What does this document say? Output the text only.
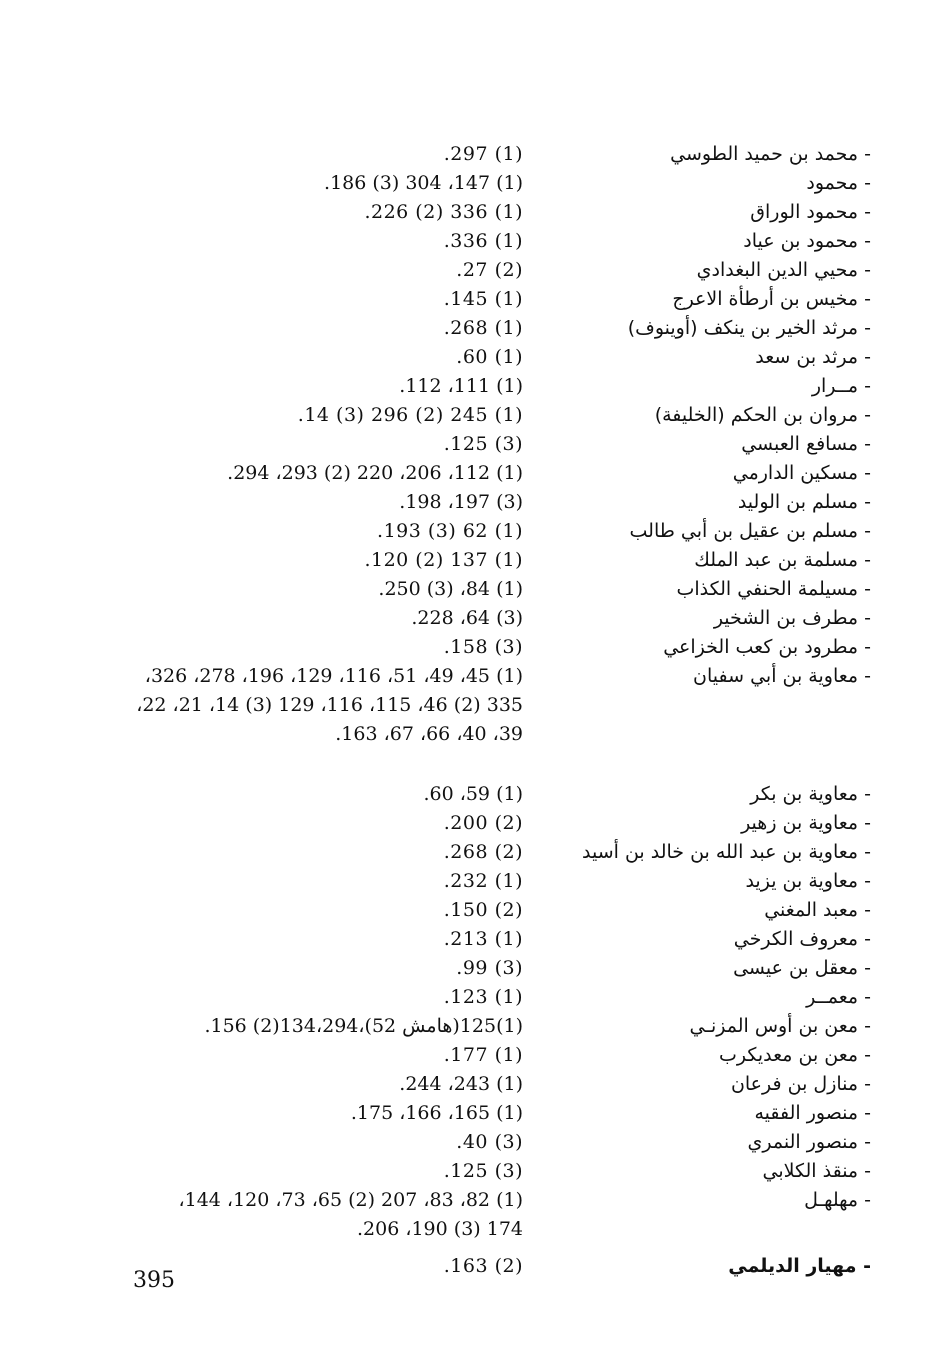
- محمد بن حميد الطوسي
(1) 297.
- محمود
(1) 147، 304 (3) 186.
- محمود الوراق
(1) 336 (2) 226.
- محمود بن عياد
(1) 336.
- محيي الدين البغدادي
(2) 27.
- مخيس بن أرطأة الاعرج
(1) 145.
- مرثد الخير بن ينكف (أوينوف)
(1) 268.
- مرثد بن سعد
(1) 60.
- مــرار
(1) 111، 112.
- مروان بن الحكم (الخليفة)
(1) 245 (2) 296 (3) 14.
- مسافع العبسي
(3) 125.
- مسكين الدارمي
(1) 112، 206، 220 (2) 293، 294.
- مسلم بن الوليد
(3) 197، 198.
- مسلم بن عقيل بن أبي طالب
(1) 62 (3) 193.
- مسلمة بن عبد الملك
(1) 137 (2) 120.
- مسيلمة الحنفي الكذاب
(1) 84، (3) 250.
- مطرف بن الشخير
(3) 64، 228.
- مطرود بن كعب الخزاعي
(3) 158.
- معاوية بن أبي سفيان
(1) 45، 49، 51، 116، 129، 196، 278، 326،
335 (2) 46، 115، 116، 129 (3) 14، 21، 22،
39، 40، 66، 67، 163.
- معاوية بن بكر
(1) 59، 60.
- معاوية بن زهير
(2) 200.
- معاوية بن عبد الله بن خالد بن أسيد
(2) 268.
- معاوية بن يزيد
(1) 232.
- معبد المغني
(2) 150.
- معروف الكرخي
(1) 213.
- معقل بن عيسى
(3) 99.
- معمــر
(1) 123.
- معن بن أوس المزنـي
(1)125(هامش 52)،134،294(2) 156.
- معن بن معديكرب
(1) 177.
- منازل بن فرعان
(1) 243، 244.
- منصور الفقيه
(1) 165، 166، 175.
- منصور النمري
(3) 40.
- منقذ الكلابي
(3) 125.
- مهلهـل
(1) 82، 83، 207 (2) 65، 73، 120، 144،
174 (3) 190، 206.
- مهيار الديلمي
(2) 163.
395
